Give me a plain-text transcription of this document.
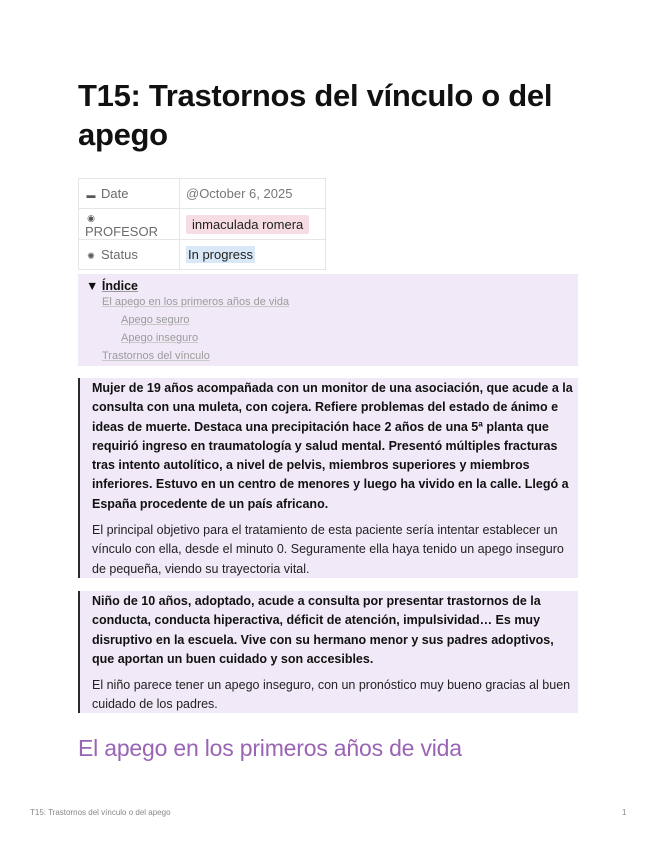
T15: Trastornos del vínculo o del apego
▬ Date	@October 6, 2025
◉PROFESOR	inmaculada romera
✺ Status	In progress
▼ Índice
El apego en los primeros años de vida
Apego seguro
Apego inseguro
Trastornos del vínculo

Mujer de 19 años acompañada con un monitor de una asociación, que acude a la consulta con una muleta, con cojera. Refiere problemas del estado de ánimo e ideas de muerte. Destaca una precipitación hace 2 años de una 5ª planta que requirió ingreso en traumatología y salud mental. Presentó múltiples fracturas tras intento autolítico, a nivel de pelvis, miembros superiores y miembros inferiores. Estuvo en un centro de menores y luego ha vivido en la calle. Llegó a España procedente de un país africano.

El principal objetivo para el tratamiento de esta paciente sería intentar establecer un vínculo con ella, desde el minuto 0. Seguramente ella haya tenido un apego inseguro de pequeña, viendo su trayectoria vital.

Niño de 10 años, adoptado, acude a consulta por presentar trastornos de la conducta, conducta hiperactiva, déficit de atención, impulsividad… Es muy disruptivo en la escuela. Vive con su hermano menor y sus padres adoptivos, que aportan un buen cuidado y son accesibles.

El niño parece tener un apego inseguro, con un pronóstico muy bueno gracias al buen cuidado de los padres.

El apego en los primeros años de vida
T15: Trastornos del vínculo o del apego	1
